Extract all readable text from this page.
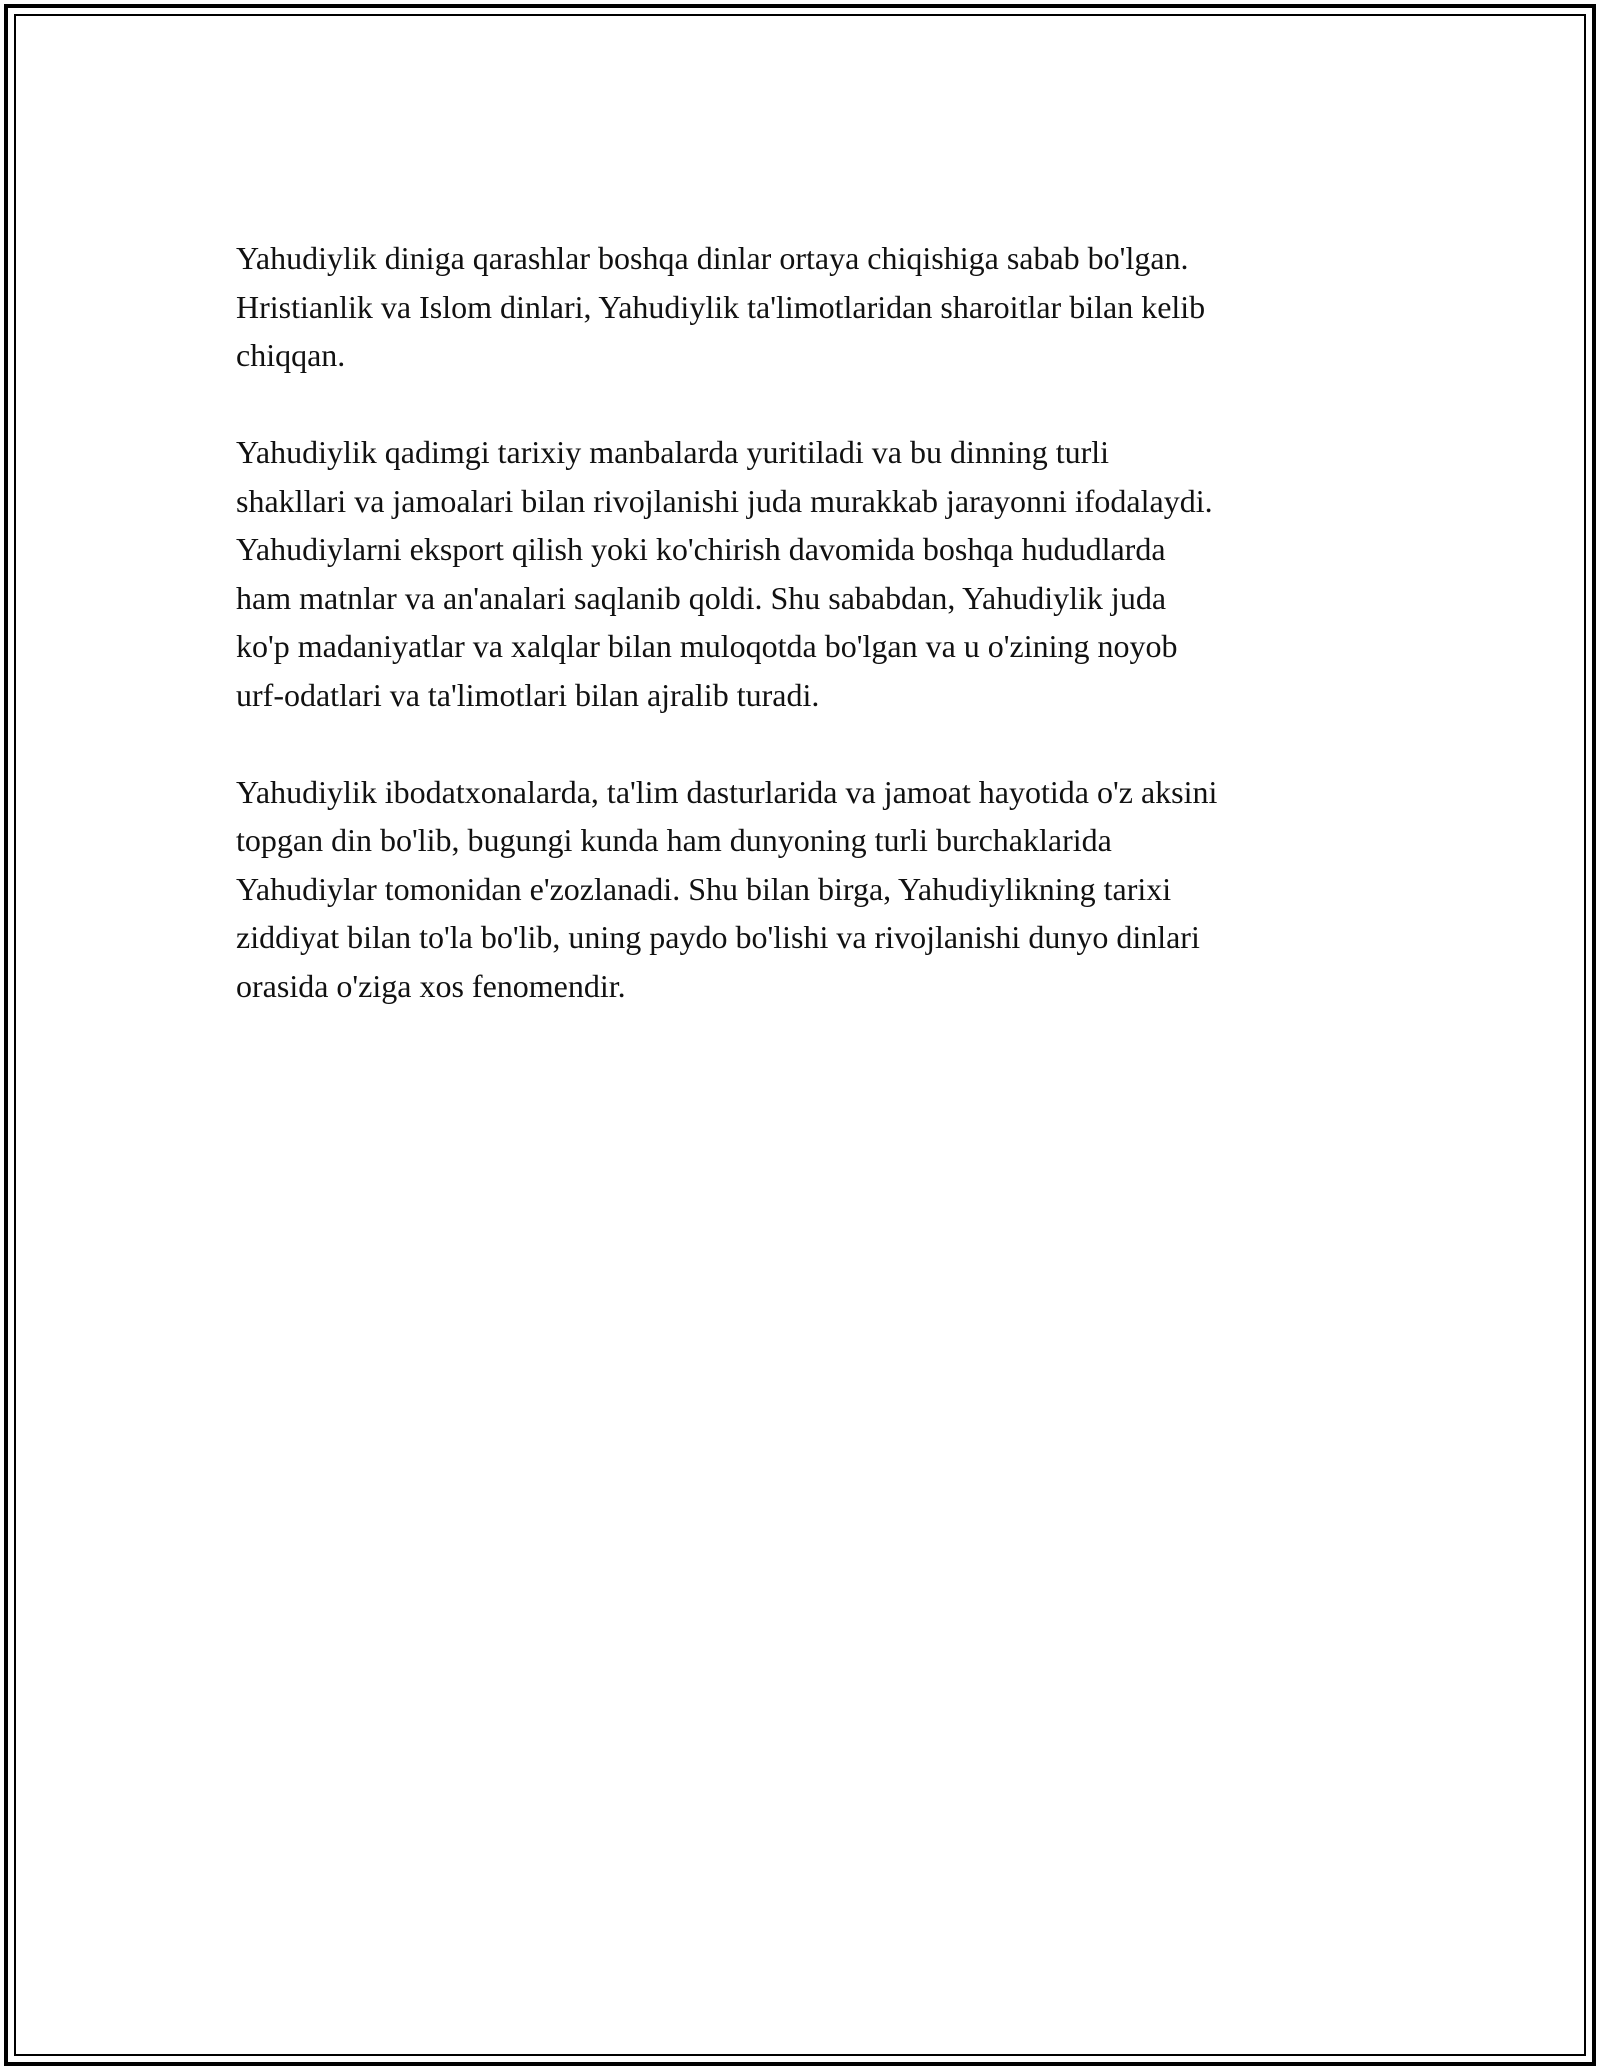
Yahudiylik diniga qarashlar boshqa dinlar ortaya chiqishiga sabab bo'lgan.
Hristianlik va Islom dinlari, Yahudiylik ta'limotlaridan sharoitlar bilan kelib
chiqqan.

Yahudiylik qadimgi tarixiy manbalarda yuritiladi va bu dinning turli
shakllari va jamoalari bilan rivojlanishi juda murakkab jarayonni ifodalaydi.
Yahudiylarni eksport qilish yoki ko'chirish davomida boshqa hududlarda
ham matnlar va an'analari saqlanib qoldi. Shu sababdan, Yahudiylik juda
ko'p madaniyatlar va xalqlar bilan muloqotda bo'lgan va u o'zining noyob
urf-odatlari va ta'limotlari bilan ajralib turadi.

Yahudiylik ibodatxonalarda, ta'lim dasturlarida va jamoat hayotida o'z aksini
topgan din bo'lib, bugungi kunda ham dunyoning turli burchaklarida
Yahudiylar tomonidan e'zozlanadi. Shu bilan birga, Yahudiylikning tarixi
ziddiyat bilan to'la bo'lib, uning paydo bo'lishi va rivojlanishi dunyo dinlari
orasida o'ziga xos fenomendir.
